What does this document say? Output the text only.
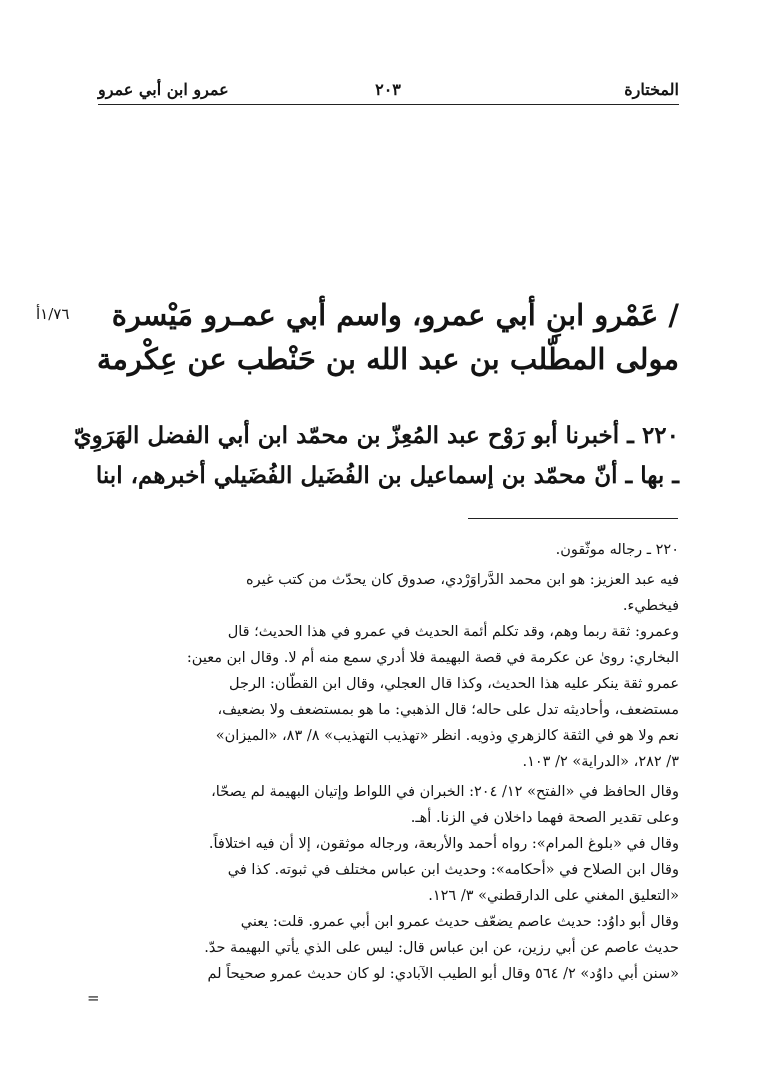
المختارة
٢٠٣
عمرو ابن أبي عمرو
١/٧٦أ	/ عَمْرو ابنِ أبي عمرو، واسم أبي عمـرو مَيْسرة
مولى المطّلب بن عبد الله بن حَنْطب عن عِكْرمة
٢٢٠ ـ أخبرنا أبو رَوْح عبد المُعِزّ بن محمّد ابن أبي الفضل الهَرَوِيّ
ـ بها ـ أنّ محمّد بن إسماعيل بن الفُضَيل الفُضَيلي أخبرهم، ابنا
٢٢٠ ـ رجاله موثّقون.
فيه عبد العزيز: هو ابن محمد الدَّراوَرْدي، صدوق كان يحدّث من كتب غيره
فيخطيء.
وعمرو: ثقة ربما وهم، وقد تكلم أئمة الحديث في عمرو في هذا الحديث؛ قال
البخاري: رویٰ عن عكرمة في قصة البهيمة فلا أدري سمع منه أم لا. وقال ابن معين:
عمرو ثقة ينكر عليه هذا الحديث، وكذا قال العجلي، وقال ابن القطّان: الرجل
مستضعف، وأحاديثه تدل على حاله؛ قال الذهبي: ما هو بمستضعف ولا بضعيف،
نعم ولا هو في الثقة كالزهري وذويه. انظر «تهذيب التهذيب» ٨/ ٨٣، «الميزان»
٣/ ٢٨٢، «الدراية» ٢/ ١٠٣.
وقال الحافظ في «الفتح» ١٢/ ٢٠٤: الخبران في اللواط وإتيان البهيمة لم يصحّا،
وعلى تقدير الصحة فهما داخلان في الزنا. أهـ.
وقال في «بلوغ المرام»: رواه أحمد والأربعة، ورجاله موثقون، إلا أن فيه اختلافاً.
وقال ابن الصلاح في «أحكامه»: وحديث ابن عباس مختلف في ثبوته. كذا في
«التعليق المغني على الدارقطني» ٣/ ١٢٦.
وقال أبو داوُد: حديث عاصم يضعّف حديث عمرو ابن أبي عمرو. قلت: يعني
حديث عاصم عن أبي رزين، عن ابن عباس قال: ليس على الذي يأتي البهيمة حدّ.
«سنن أبي داوُد» ٢/ ٥٦٤ وقال أبو الطيب الآبادي: لو كان حديث عمرو صحيحاً لم
=
